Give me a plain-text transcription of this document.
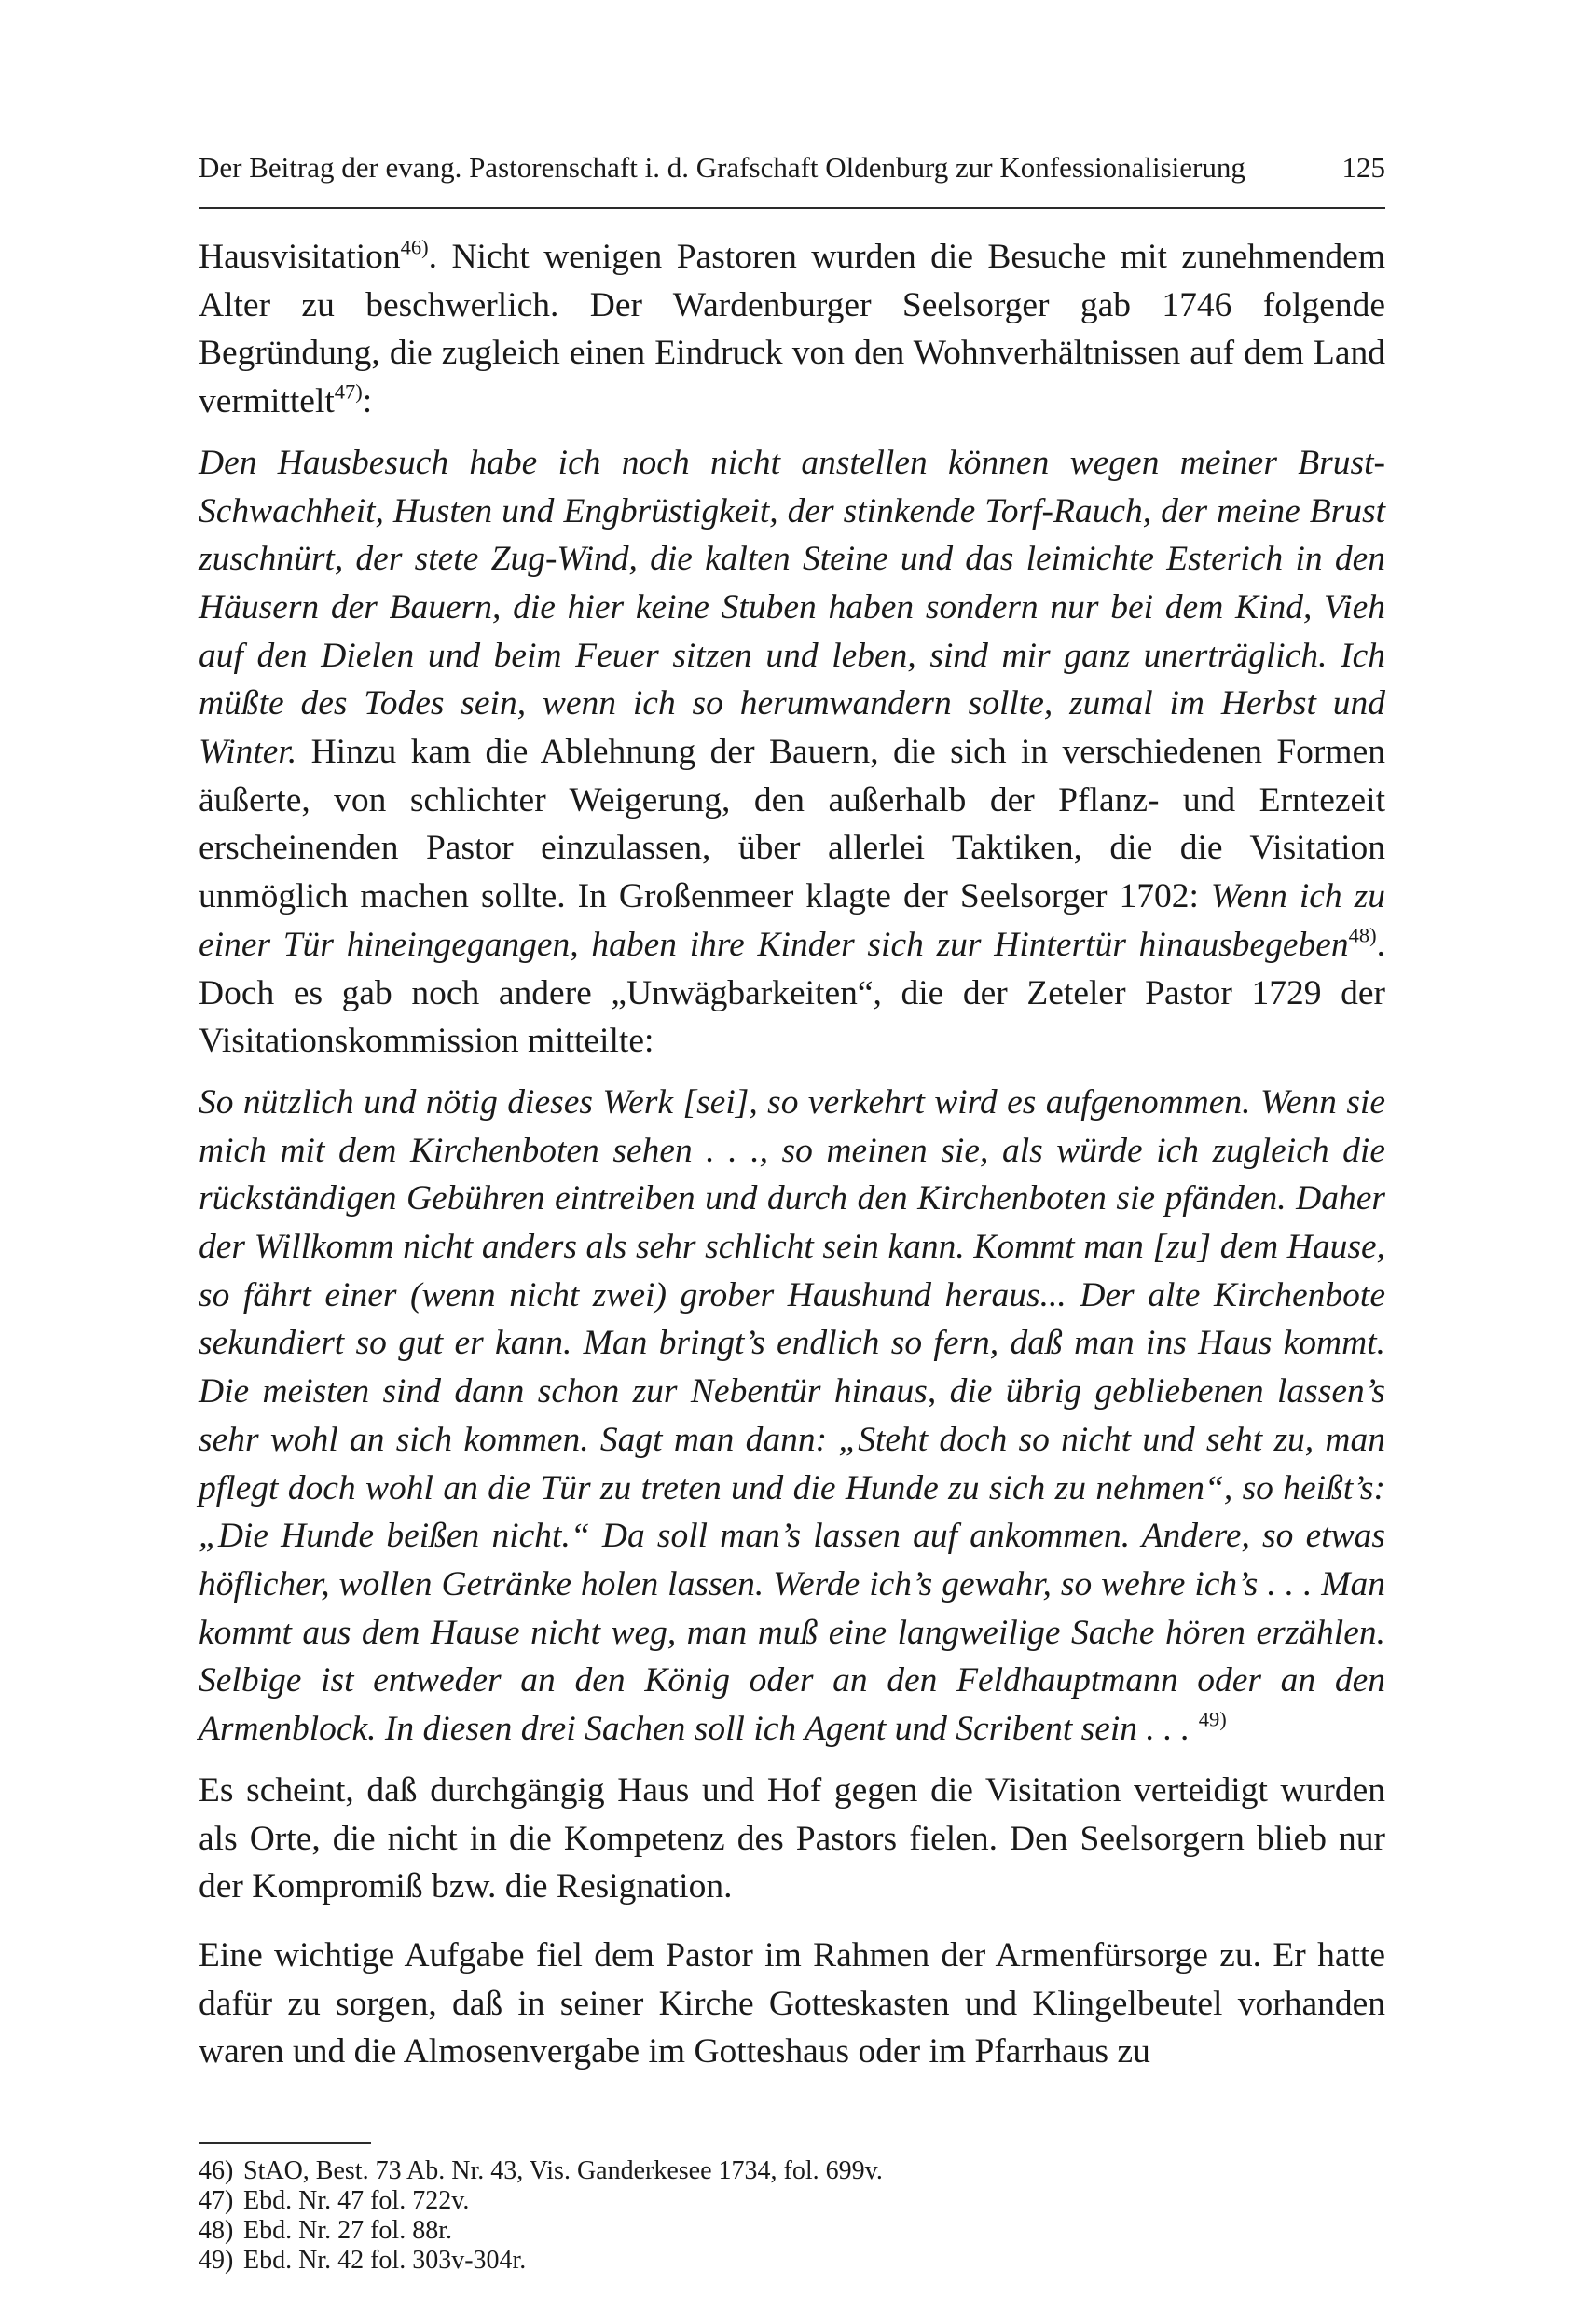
Der Beitrag der evang. Pastorenschaft i. d. Grafschaft Oldenburg zur Konfessionalisierung	125

Hausvisitation$^{46)}$. Nicht wenigen Pastoren wurden die Besuche mit zunehmendem Alter zu beschwerlich. Der Wardenburger Seelsorger gab 1746 folgende Begründung, die zugleich einen Eindruck von den Wohnverhältnissen auf dem Land vermittelt$^{47)}$:

Den Hausbesuch habe ich noch nicht anstellen können wegen meiner Brust-Schwachheit, Husten und Engbrüstigkeit, der stinkende Torf-Rauch, der meine Brust zuschnürt, der stete Zug-Wind, die kalten Steine und das leimichte Esterich in den Häusern der Bauern, die hier keine Stuben haben sondern nur bei dem Kind, Vieh auf den Dielen und beim Feuer sitzen und leben, sind mir ganz unerträglich. Ich müßte des Todes sein, wenn ich so herumwandern sollte, zumal im Herbst und Winter. Hinzu kam die Ablehnung der Bauern, die sich in verschiedenen Formen äußerte, von schlichter Weigerung, den außerhalb der Pflanz- und Erntezeit erscheinenden Pastor einzulassen, über allerlei Taktiken, die die Visitation unmöglich machen sollte. In Großenmeer klagte der Seelsorger 1702: Wenn ich zu einer Tür hineingegangen, haben ihre Kinder sich zur Hintertür hinausbegeben$^{48)}$. Doch es gab noch andere „Unwägbarkeiten“, die der Zeteler Pastor 1729 der Visitationskommission mitteilte:

So nützlich und nötig dieses Werk [sei], so verkehrt wird es aufgenommen. Wenn sie mich mit dem Kirchenboten sehen . . ., so meinen sie, als würde ich zugleich die rückständigen Gebühren eintreiben und durch den Kirchenboten sie pfänden. Daher der Willkomm nicht anders als sehr schlicht sein kann. Kommt man [zu] dem Hause, so fährt einer (wenn nicht zwei) grober Haushund heraus... Der alte Kirchenbote sekundiert so gut er kann. Man bringt’s endlich so fern, daß man ins Haus kommt. Die meisten sind dann schon zur Nebentür hinaus, die übrig gebliebenen lassen’s sehr wohl an sich kommen. Sagt man dann: „Steht doch so nicht und seht zu, man pflegt doch wohl an die Tür zu treten und die Hunde zu sich zu nehmen“, so heißt’s: „Die Hunde beißen nicht.“ Da soll man’s lassen auf ankommen. Andere, so etwas höflicher, wollen Getränke holen lassen. Werde ich’s gewahr, so wehre ich’s . . . Man kommt aus dem Hause nicht weg, man muß eine langweilige Sache hören erzählen. Selbige ist entweder an den König oder an den Feldhauptmann oder an den Armenblock. In diesen drei Sachen soll ich Agent und Scribent sein . . . $^{49)}$

Es scheint, daß durchgängig Haus und Hof gegen die Visitation verteidigt wurden als Orte, die nicht in die Kompetenz des Pastors fielen. Den Seelsorgern blieb nur der Kompromiß bzw. die Resignation.

Eine wichtige Aufgabe fiel dem Pastor im Rahmen der Armenfürsorge zu. Er hatte dafür zu sorgen, daß in seiner Kirche Gotteskasten und Klingelbeutel vorhanden waren und die Almosenvergabe im Gotteshaus oder im Pfarrhaus zu

46) StAO, Best. 73 Ab. Nr. 43, Vis. Ganderkesee 1734, fol. 699v.
47) Ebd. Nr. 47 fol. 722v.
48) Ebd. Nr. 27 fol. 88r.
49) Ebd. Nr. 42 fol. 303v-304r.
